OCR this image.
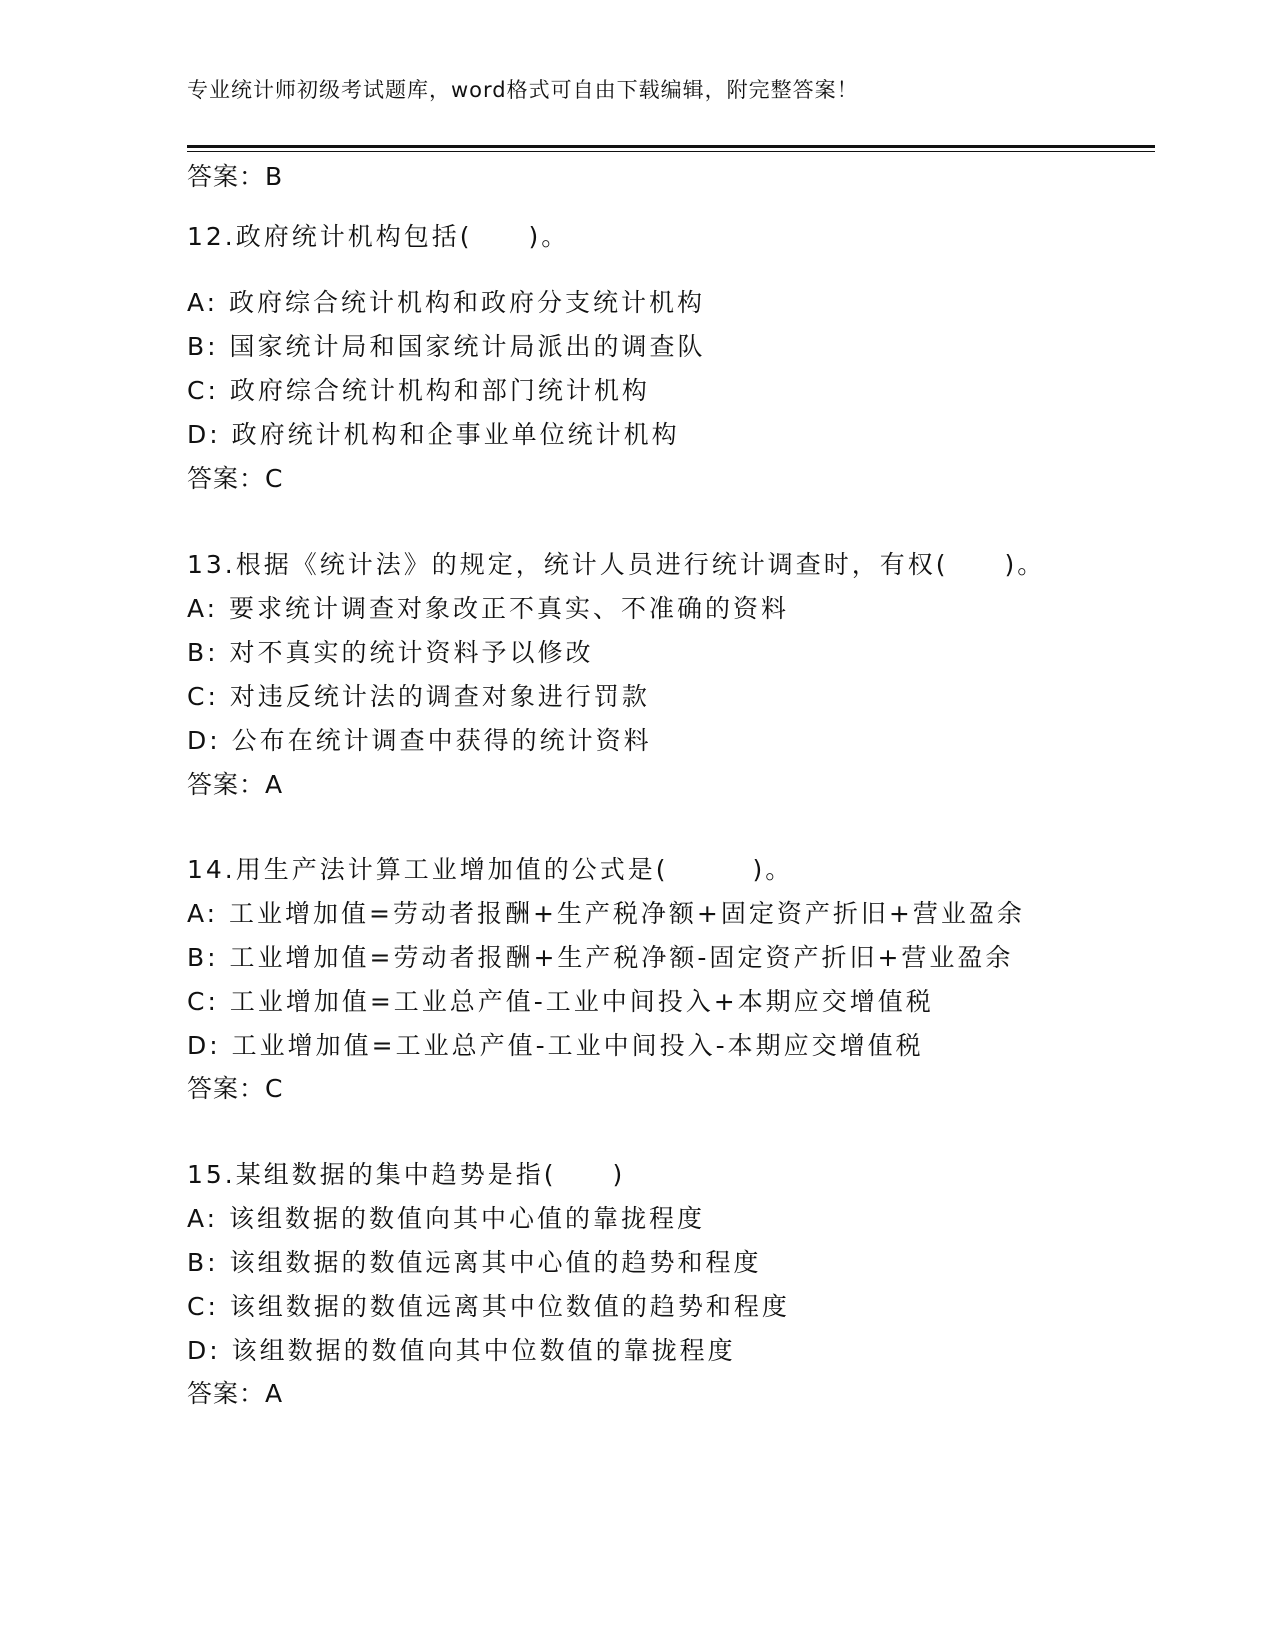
专业统计师初级考试题库，word格式可自由下载编辑，附完整答案！
答案：B
12.政府统计机构包括(　　)。
A: 政府综合统计机构和政府分支统计机构
B: 国家统计局和国家统计局派出的调查队
C: 政府综合统计机构和部门统计机构
D: 政府统计机构和企事业单位统计机构
答案：C
13.根据《统计法》的规定，统计人员进行统计调查时，有权(　　)。
A: 要求统计调查对象改正不真实、不准确的资料
B: 对不真实的统计资料予以修改
C: 对违反统计法的调查对象进行罚款
D: 公布在统计调查中获得的统计资料
答案：A
14.用生产法计算工业增加值的公式是(　　　)。
A: 工业增加值=劳动者报酬+生产税净额+固定资产折旧+营业盈余
B: 工业增加值=劳动者报酬+生产税净额-固定资产折旧+营业盈余
C: 工业增加值=工业总产值-工业中间投入+本期应交增值税
D: 工业增加值=工业总产值-工业中间投入-本期应交增值税
答案：C
15.某组数据的集中趋势是指(　　)
A: 该组数据的数值向其中心值的靠拢程度
B: 该组数据的数值远离其中心值的趋势和程度
C: 该组数据的数值远离其中位数值的趋势和程度
D: 该组数据的数值向其中位数值的靠拢程度
答案：A
